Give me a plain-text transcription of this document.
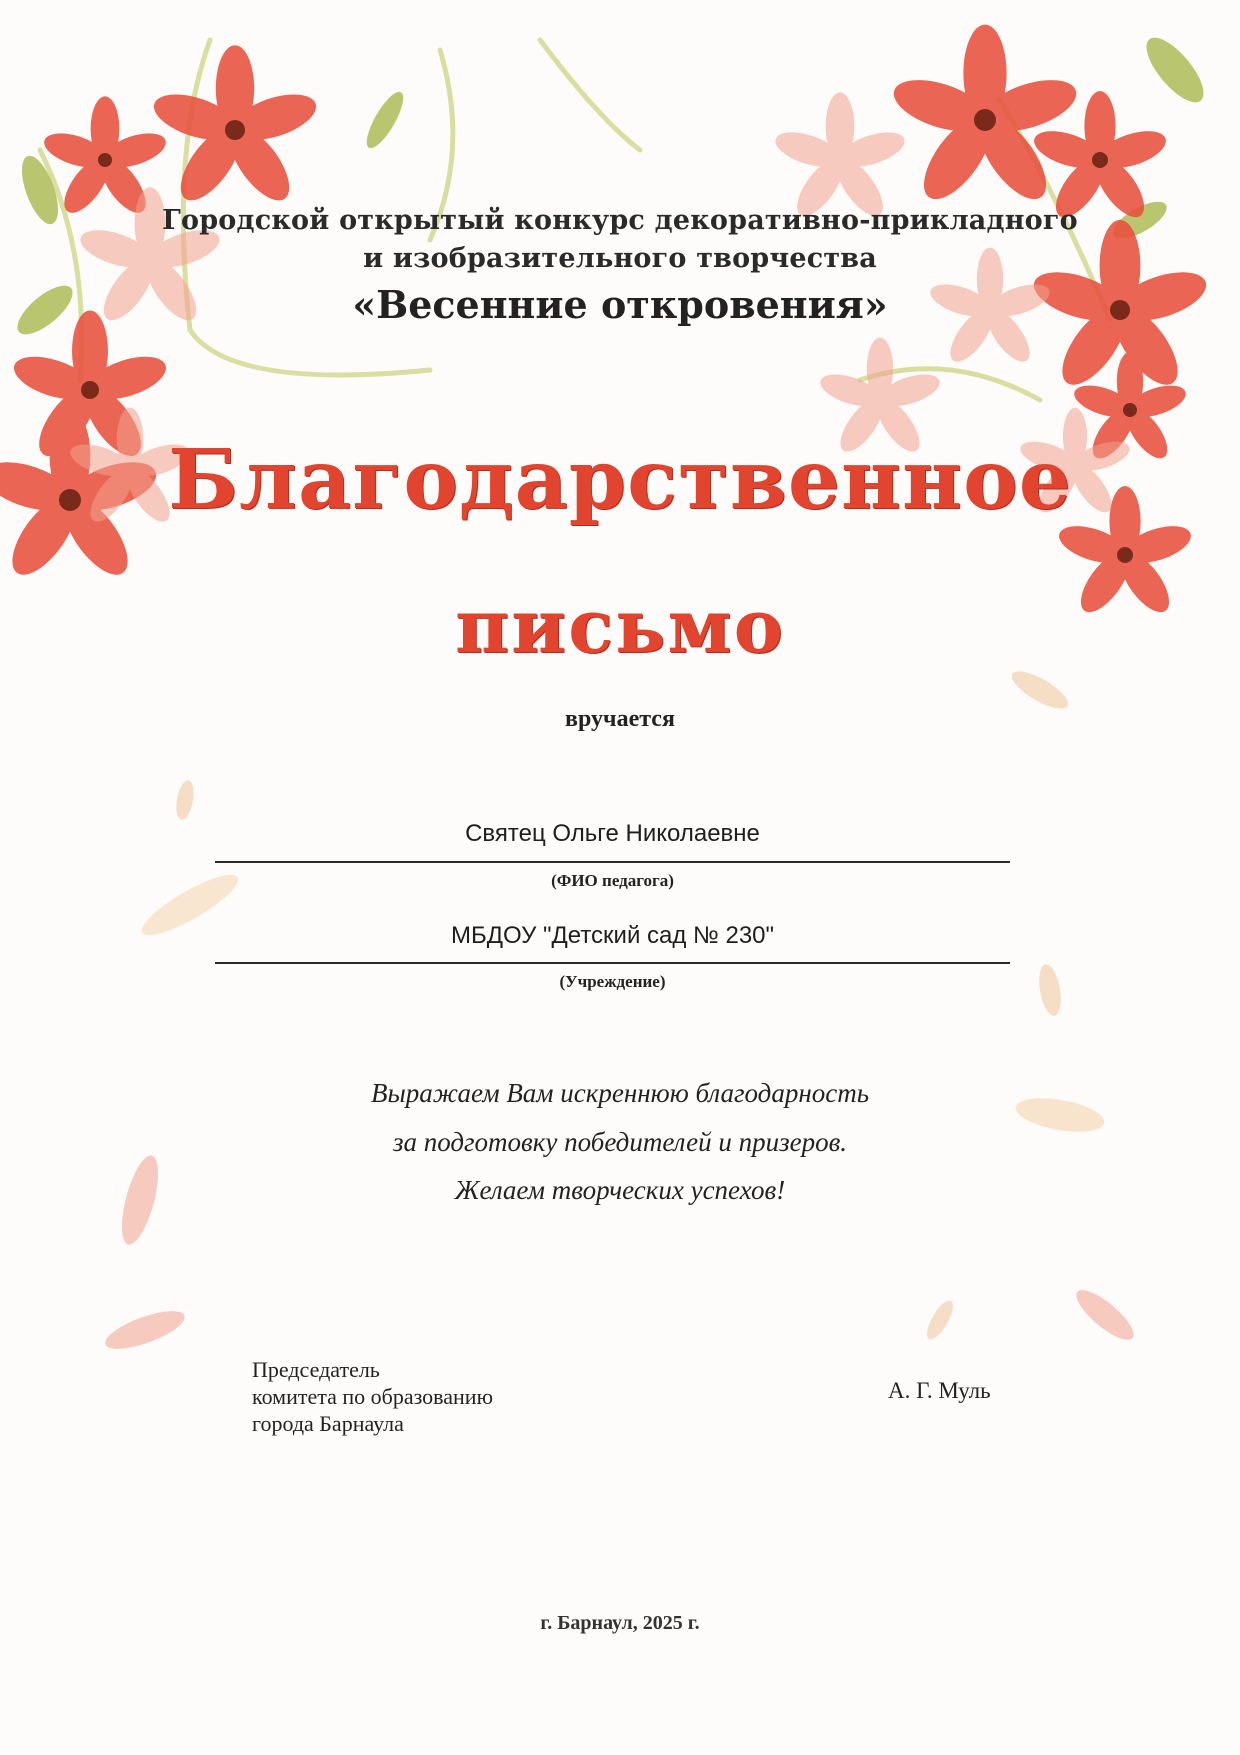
Городской открытый конкурс декоративно-прикладного
и изобразительного творчества
«Весенние откровения»
Благодарственное
письмо
вручается
Святец Ольге Николаевне
(ФИО педагога)
МБДОУ "Детский сад № 230"
(Учреждение)
Выражаем Вам искреннюю благодарность
за подготовку победителей и призеров.
Желаем творческих успехов!
Председатель
комитета по образованию
города Барнаула
А. Г. Муль
г. Барнаул, 2025 г.
